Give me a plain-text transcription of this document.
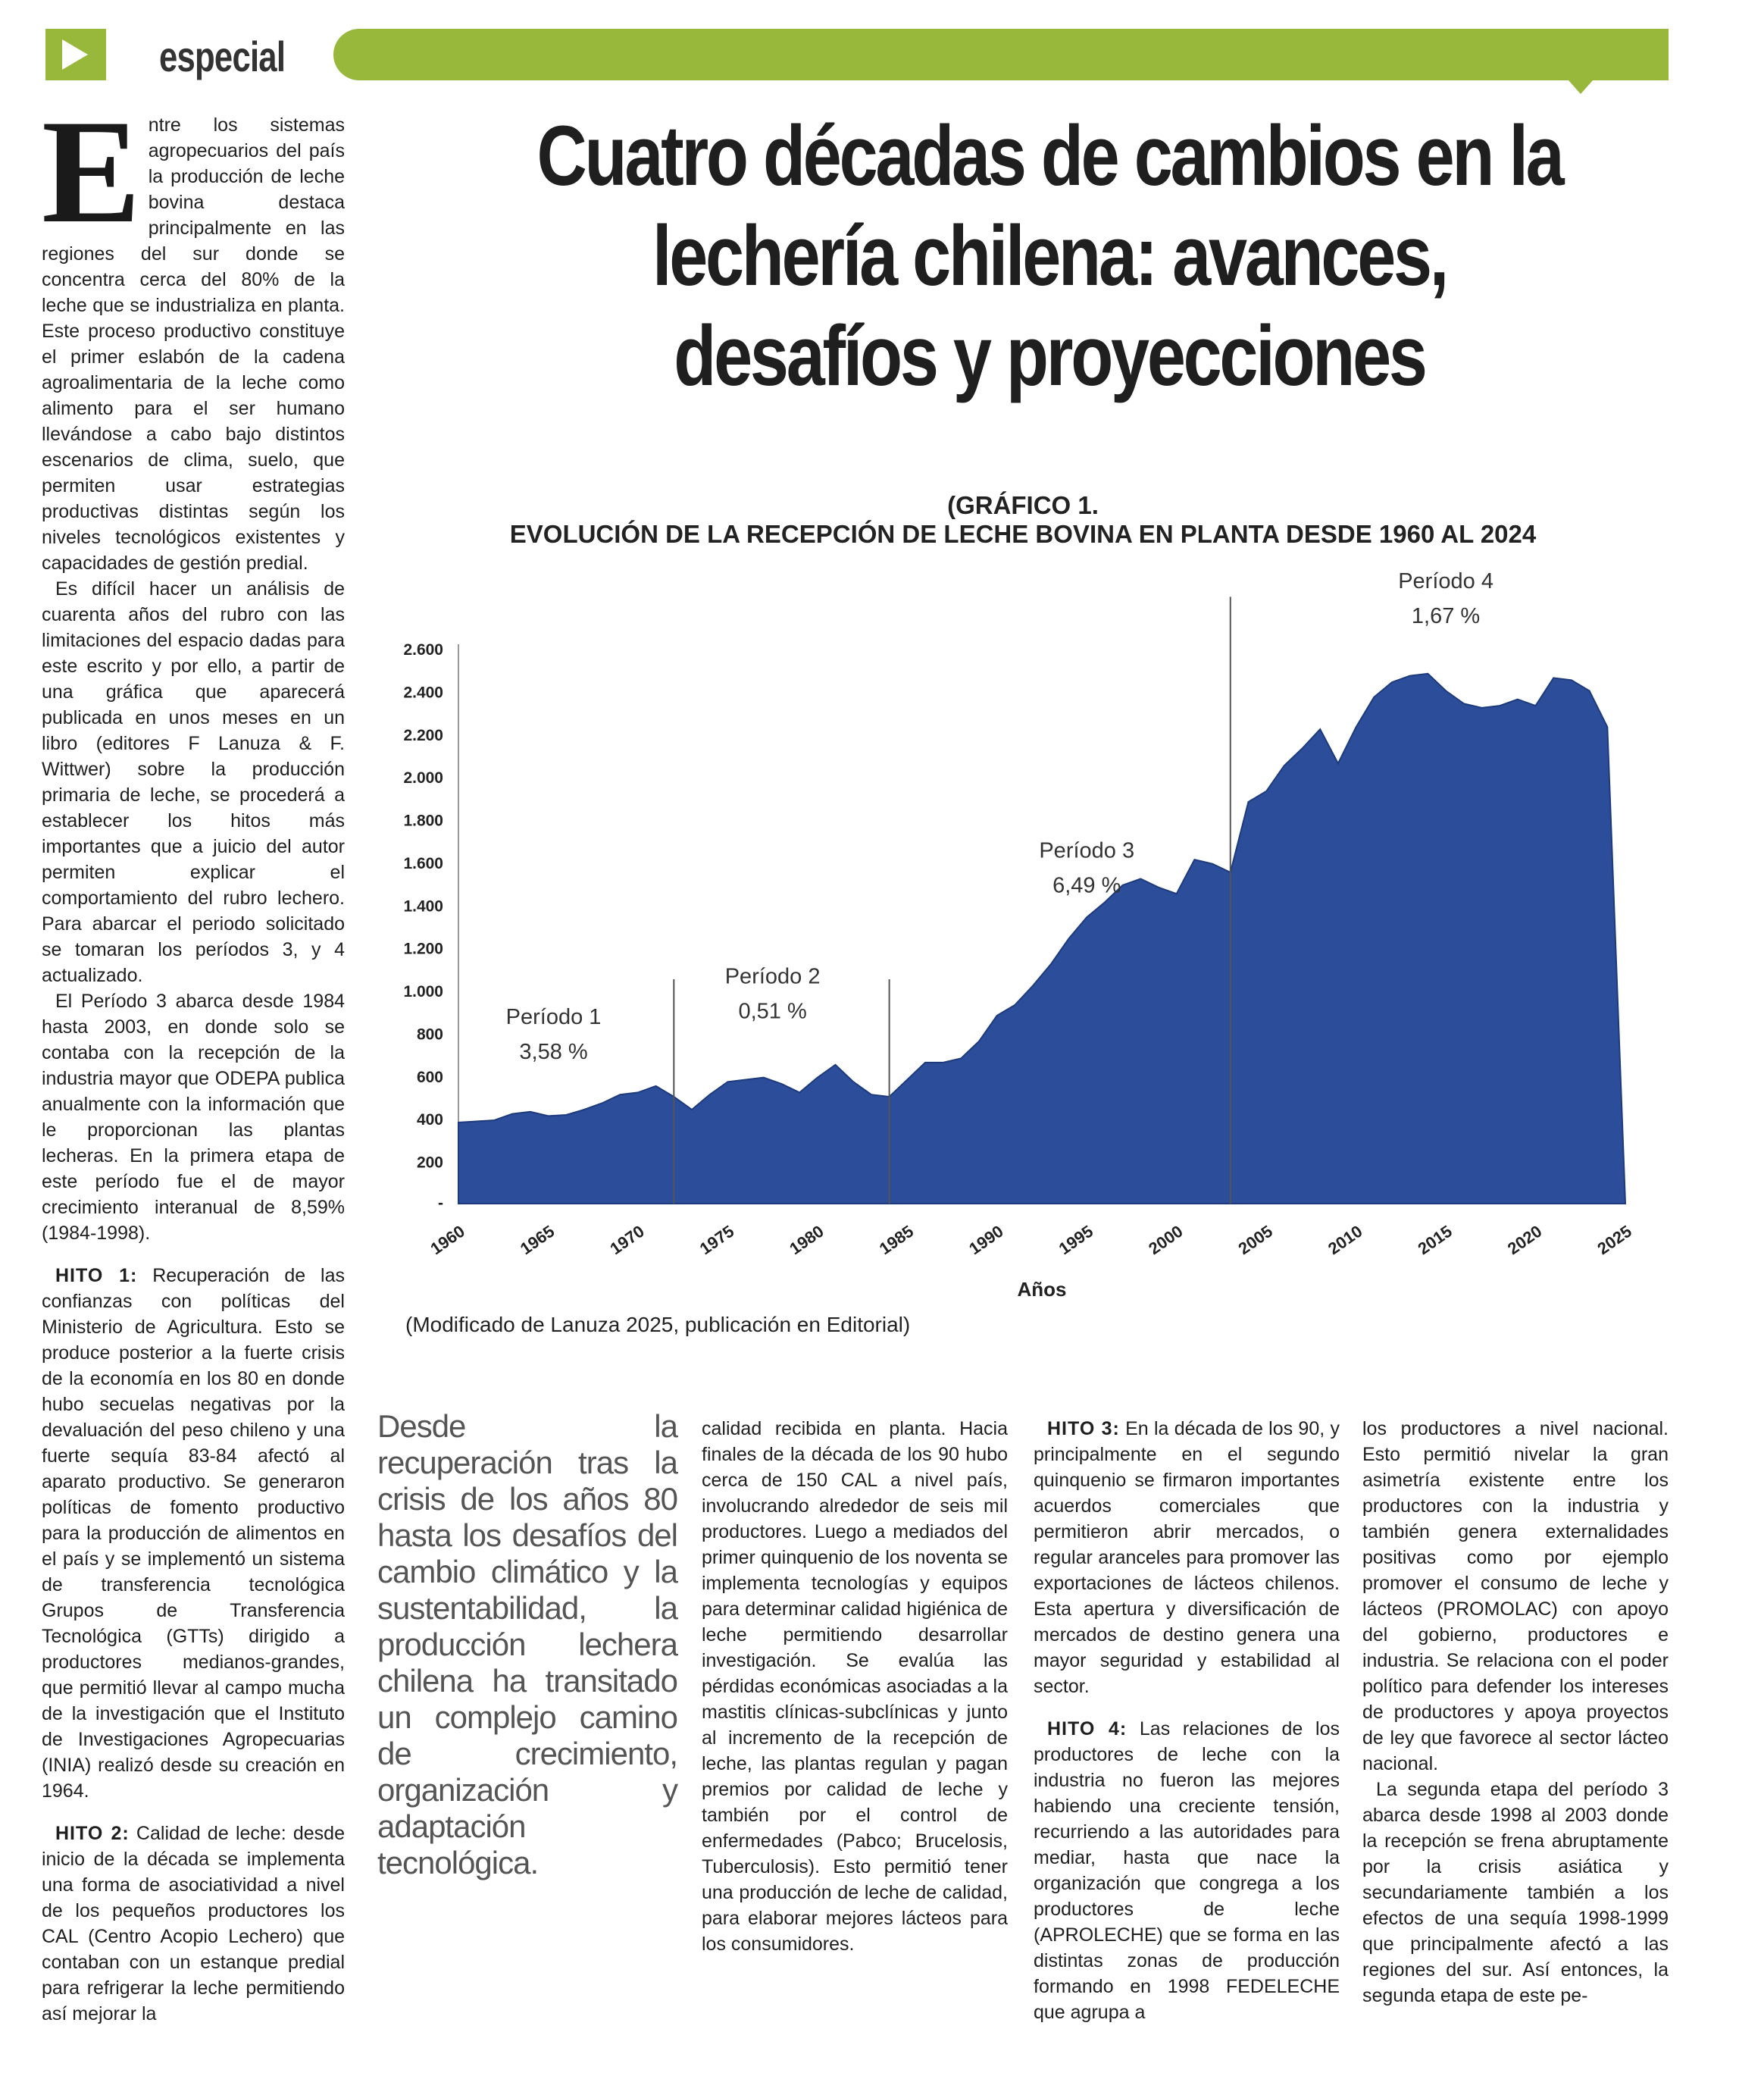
especial
Cuatro décadas de cambios en la lechería chilena: avances, desafíos y proyecciones
E ntre los sistemas agropecuarios del país la producción de leche bovina destaca principalmente en las regiones del sur donde se concentra cerca del 80% de la leche que se industrializa en planta. Este proceso productivo constituye el primer eslabón de la cadena agroalimentaria de la leche como alimento para el ser humano llevándose a cabo bajo distintos escenarios de clima, suelo, que permiten usar estrategias productivas distintas según los niveles tecnológicos existentes y capacidades de gestión predial.

Es difícil hacer un análisis de cuarenta años del rubro con las limitaciones del espacio dadas para este escrito y por ello, a partir de una gráfica que aparecerá publicada en unos meses en un libro (editores F Lanuza & F. Wittwer) sobre la producción primaria de leche, se procederá a establecer los hitos más importantes que a juicio del autor permiten explicar el comportamiento del rubro lechero. Para abarcar el periodo solicitado se tomaran los períodos 3, y 4 actualizado.

El Período 3 abarca desde 1984 hasta 2003, en donde solo se contaba con la recepción de la industria mayor que ODEPA publica anualmente con la información que le proporcionan las plantas lecheras. En la primera etapa de este período fue el de mayor crecimiento interanual de 8,59% (1984-1998).

HITO 1: Recuperación de las confianzas con políticas del Ministerio de Agricultura. Esto se produce posterior a la fuerte crisis de la economía en los 80 en donde hubo secuelas negativas por la devaluación del peso chileno y una fuerte sequía 83-84 afectó al aparato productivo. Se generaron políticas de fomento productivo para la producción de alimentos en el país y se implementó un sistema de transferencia tecnológica Grupos de Transferencia Tecnológica (GTTs) dirigido a productores medianos-grandes, que permitió llevar al campo mucha de la investigación que el Instituto de Investigaciones Agropecuarias (INIA) realizó desde su creación en 1964.

HITO 2: Calidad de leche: desde inicio de la década se implementa una forma de asociatividad a nivel de los pequeños productores los CAL (Centro Acopio Lechero) que contaban con un estanque predial para refrigerar la leche permitiendo así mejorar la

(GRÁFICO 1.
EVOLUCIÓN DE LA RECEPCIÓN DE LECHE BOVINA EN PLANTA DESDE 1960 AL 2024
200
400
600
800
1.000
1.200
1.400
1.600
1.800
2.000
2.200
2.400
2.600
-
1960	1965	1970	1975	1980	1985	1990	1995	2000	2005	2010	2015	2020	2025
Años
Período 1
3,58 %
Período 2
0,51 %
Período 3
6,49 %
Período 4
1,67 %
(Modificado de Lanuza 2025, publicación en Editorial)
Desde la recuperación tras la crisis de los años 80 hasta los desafíos del cambio climático y la sustentabilidad, la producción lechera chilena ha transitado un complejo camino de crecimiento, organización y adaptación tecnológica.

calidad recibida en planta. Hacia finales de la década de los 90 hubo cerca de 150 CAL a nivel país, involucrando alrededor de seis mil productores. Luego a mediados del primer quinquenio de los noventa se implementa tecnologías y equipos para determinar calidad higiénica de leche permitiendo desarrollar investigación. Se evalúa las pérdidas económicas asociadas a la mastitis clínicas-subclínicas y junto al incremento de la recepción de leche, las plantas regulan y pagan premios por calidad de leche y también por el control de enfermedades (Pabco; Brucelosis, Tuberculosis). Esto permitió tener una producción de leche de calidad, para elaborar mejores lácteos para los consumidores.

HITO 3: En la década de los 90, y principalmente en el segundo quinquenio se firmaron importantes acuerdos comerciales que permitieron abrir mercados, o regular aranceles para promover las exportaciones de lácteos chilenos. Esta apertura y diversificación de mercados de destino genera una mayor seguridad y estabilidad al sector.

HITO 4: Las relaciones de los productores de leche con la industria no fueron las mejores habiendo una creciente tensión, recurriendo a las autoridades para mediar, hasta que nace la organización que congrega a los productores de leche (APROLECHE) que se forma en las distintas zonas de producción formando en 1998 FEDELECHE que agrupa a

los productores a nivel nacional. Esto permitió nivelar la gran asimetría existente entre los productores con la industria y también genera externalidades positivas como por ejemplo promover el consumo de leche y lácteos (PROMOLAC) con apoyo del gobierno, productores e industria. Se relaciona con el poder político para defender los intereses de productores y apoya proyectos de ley que favorece al sector lácteo nacional.

La segunda etapa del período 3 abarca desde 1998 al 2003 donde la recepción se frena abruptamente por la crisis asiática y secundariamente también a los efectos de una sequía 1998-1999 que principalmente afectó a las regiones del sur. Así entonces, la segunda etapa de este pe-
